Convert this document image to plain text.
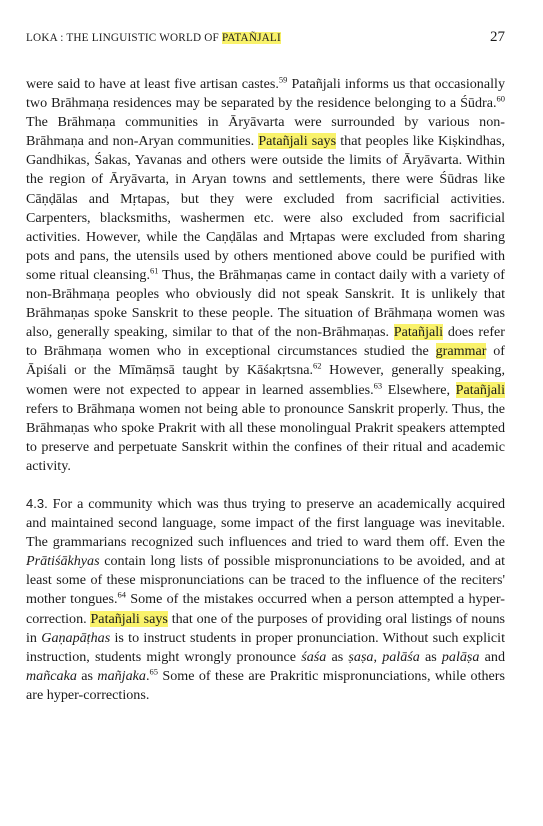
LOKA : THE LINGUISTIC WORLD OF PATAÑJALI	27

were said to have at least five artisan castes.$^{59}$ Patañjali informs us that occasionally two Brāhmaṇa residences may be separated by the residence belonging to a Śūdra.$^{60}$ The Brāhmaṇa communities in Āryāvarta were surrounded by various non-Brāhmaṇa and non-Aryan communities. Patañjali says that peoples like Kiṣkindhas, Gandhikas, Śakas, Yavanas and others were outside the limits of Āryāvarta. Within the region of Āryāvarta, in Aryan towns and settlements, there were Śūdras like Cāṇḍālas and Mṛtapas, but they were excluded from sacrificial activities. Carpenters, blacksmiths, washermen etc. were also excluded from sacrificial activities. However, while the Caṇḍālas and Mṛtapas were excluded from sharing pots and pans, the utensils used by others mentioned above could be purified with some ritual cleansing.$^{61}$ Thus, the Brāhmaṇas came in contact daily with a variety of non-Brāhmaṇa peoples who obviously did not speak Sanskrit. It is unlikely that Brāhmaṇas spoke Sanskrit to these people. The situation of Brāhmaṇa women was also, generally speaking, similar to that of the non-Brāhmaṇas. Patañjali does refer to Brāhmaṇa women who in exceptional circumstances studied the grammar of Āpiśali or the Mīmāṃsā taught by Kāśakṛtsna.$^{62}$ However, generally speaking, women were not expected to appear in learned assemblies.$^{63}$ Elsewhere, Patañjali refers to Brāhmaṇa women not being able to pronounce Sanskrit properly. Thus, the Brāhmaṇas who spoke Prakrit with all these monolingual Prakrit speakers attempted to preserve and perpetuate Sanskrit within the confines of their ritual and academic activity.

4.3. For a community which was thus trying to preserve an academically acquired and maintained second language, some impact of the first language was inevitable. The grammarians recognized such influences and tried to ward them off. Even the Prātiśākhyas contain long lists of possible mispronunciations to be avoided, and at least some of these mispronunciations can be traced to the influence of the reciters' mother tongues.$^{64}$ Some of the mistakes occurred when a person attempted a hyper-correction. Patañjali says that one of the purposes of providing oral listings of nouns in Gaṇapāṭhas is to instruct students in proper pronunciation. Without such explicit instruction, students might wrongly pronounce śaśa as ṣaṣa, palāśa as palāṣa and mañcaka as mañjaka.$^{65}$ Some of these are Prakritic mispronunciations, while others are hyper-corrections.
